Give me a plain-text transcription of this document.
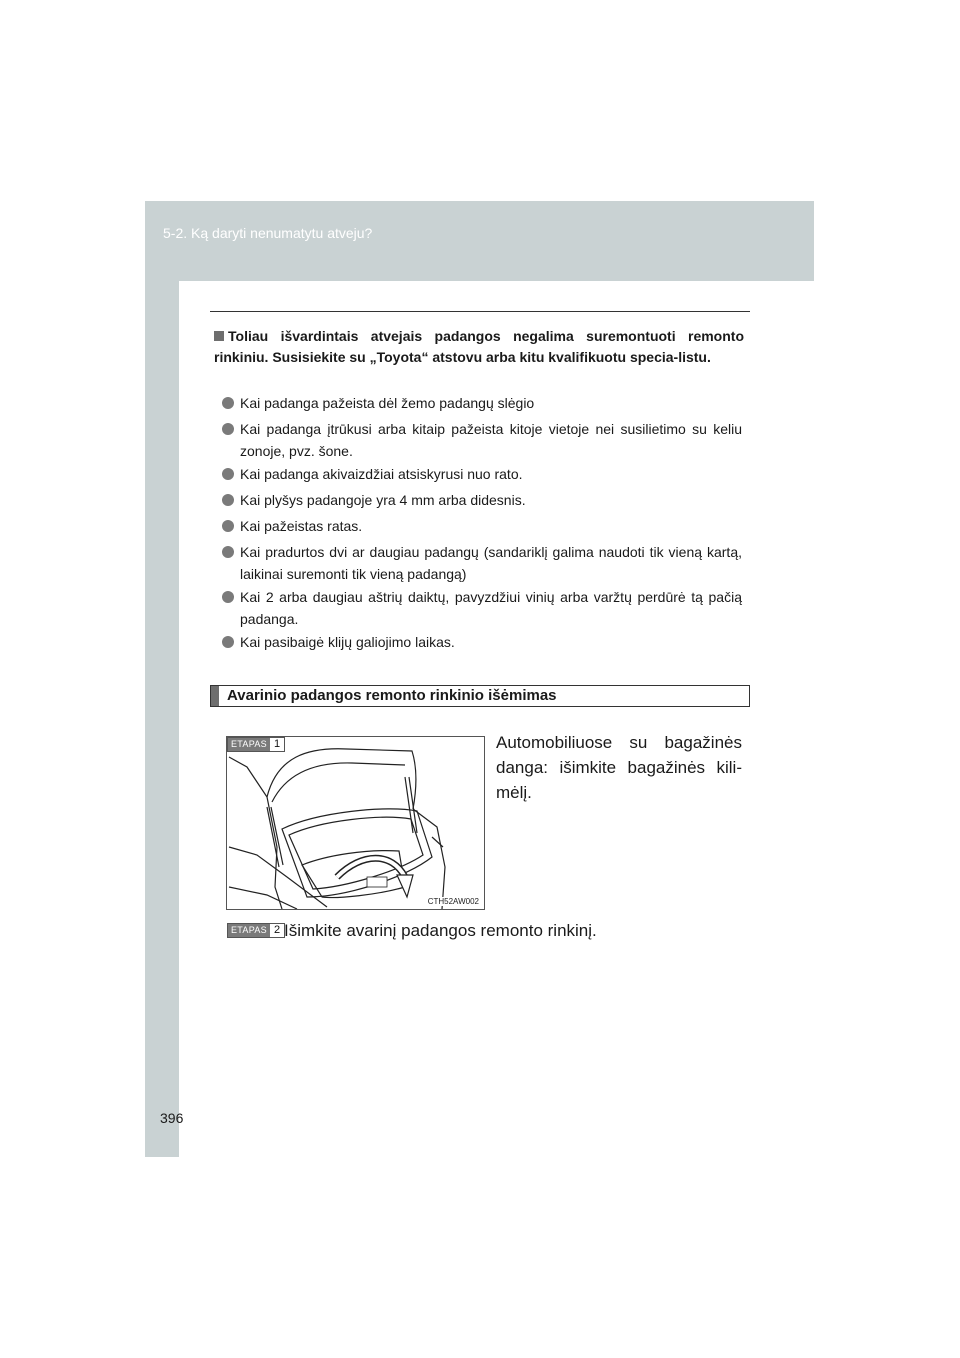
5-2. Ką daryti nenumatytu atveju?
396
Toliau išvardintais atvejais padangos negalima suremontuoti remonto rinkiniu. Susisiekite su „Toyota“ atstovu arba kitu kvalifikuotu specia-listu.
Kai padanga pažeista dėl žemo padangų slėgio
Kai padanga įtrūkusi arba kitaip pažeista kitoje vietoje nei susilietimo su keliu zonoje, pvz. šone.
Kai padanga akivaizdžiai atsiskyrusi nuo rato.
Kai plyšys padangoje yra 4 mm arba didesnis.
Kai pažeistas ratas.
Kai pradurtos dvi ar daugiau padangų (sandariklį galima naudoti tik vieną kartą, laikinai suremonti tik vieną padangą)
Kai 2 arba daugiau aštrių daiktų, pavyzdžiui vinių arba varžtų perdūrė tą pačią padanga.
Kai pasibaigė klijų galiojimo laikas.
Avarinio padangos remonto rinkinio išėmimas
CTH52AW002
ETAPAS 1	Automobiliuose su bagažinės danga: išimkite bagažinės kili-mėlį.
ETAPAS 2 Išimkite avarinį padangos remonto rinkinį.
